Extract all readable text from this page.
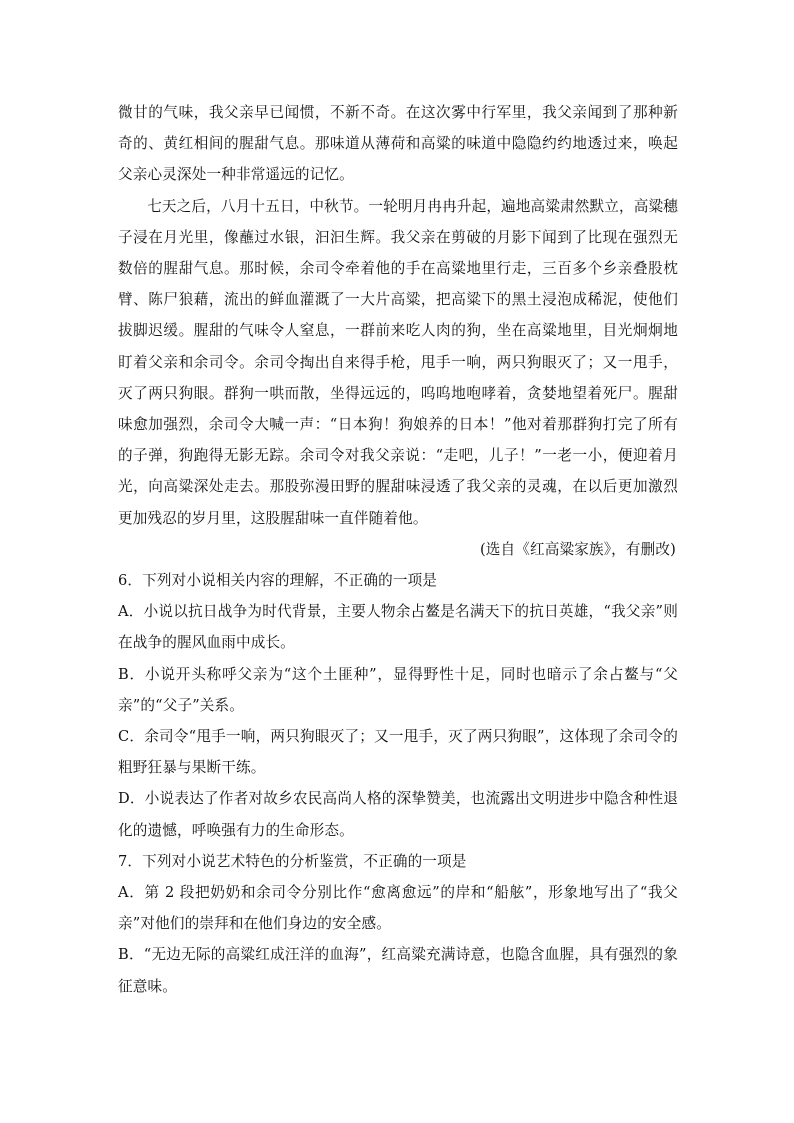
微甘的气味，我父亲早已闻惯，不新不奇。在这次雾中行军里，我父亲闻到了那种新奇的、黄红相间的腥甜气息。那味道从薄荷和高粱的味道中隐隐约约地透过来，唤起父亲心灵深处一种非常遥远的记忆。

七天之后，八月十五日，中秋节。一轮明月冉冉升起，遍地高粱肃然默立，高粱穗子浸在月光里，像蘸过水银，汩汩生辉。我父亲在剪破的月影下闻到了比现在强烈无数倍的腥甜气息。那时候，余司令牵着他的手在高粱地里行走，三百多个乡亲叠股枕臂、陈尸狼藉，流出的鲜血灌溉了一大片高粱，把高粱下的黑土浸泡成稀泥，使他们拔脚迟缓。腥甜的气味令人窒息，一群前来吃人肉的狗，坐在高粱地里，目光炯炯地盯着父亲和余司令。余司令掏出自来得手枪，甩手一响，两只狗眼灭了；又一甩手，灭了两只狗眼。群狗一哄而散，坐得远远的，呜呜地咆哮着，贪婪地望着死尸。腥甜味愈加强烈，余司令大喊一声：“日本狗！狗娘养的日本！”他对着那群狗打完了所有的子弹，狗跑得无影无踪。余司令对我父亲说：“走吧，儿子！”一老一小，便迎着月光，向高粱深处走去。那股弥漫田野的腥甜味浸透了我父亲的灵魂，在以后更加激烈更加残忍的岁月里，这股腥甜味一直伴随着他。

(选自《红高粱家族》，有删改)

6．下列对小说相关内容的理解，不正确的一项是

A．小说以抗日战争为时代背景，主要人物余占鳌是名满天下的抗日英雄，“我父亲”则在战争的腥风血雨中成长。

B．小说开头称呼父亲为“这个土匪种”，显得野性十足，同时也暗示了余占鳌与“父亲”的“父子”关系。

C．余司令“甩手一响，两只狗眼灭了；又一甩手，灭了两只狗眼”，这体现了余司令的粗野狂暴与果断干练。

D．小说表达了作者对故乡农民高尚人格的深挚赞美，也流露出文明进步中隐含种性退化的遗憾，呼唤强有力的生命形态。

7．下列对小说艺术特色的分析鉴赏，不正确的一项是

A．第 2 段把奶奶和余司令分别比作“愈离愈远”的岸和“船舷”，形象地写出了“我父亲”对他们的崇拜和在他们身边的安全感。

B．“无边无际的高粱红成汪洋的血海”，红高粱充满诗意，也隐含血腥，具有强烈的象征意味。
